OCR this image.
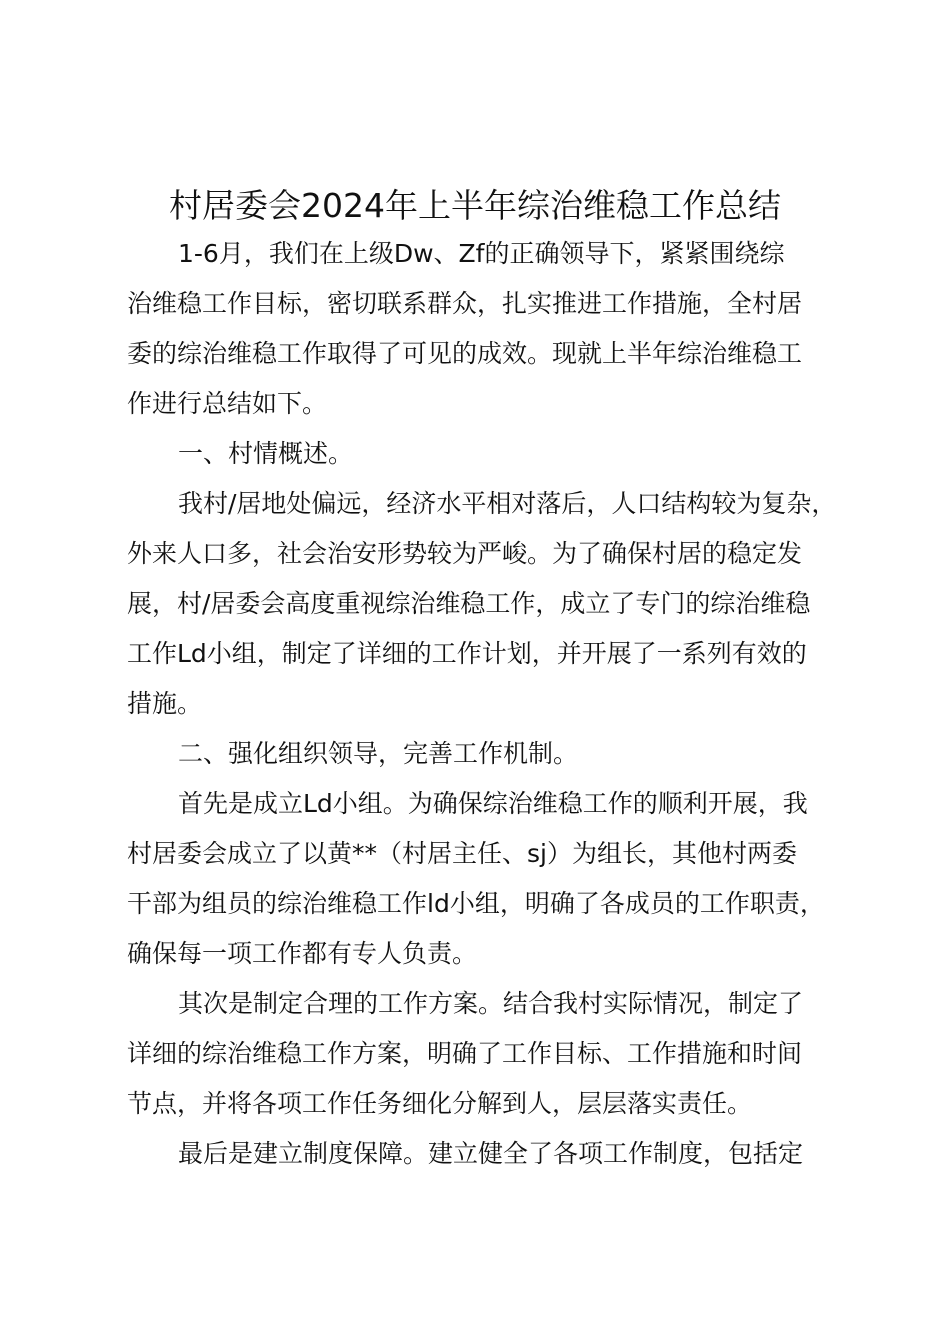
村居委会2024年上半年综治维稳工作总结
1-6月，我们在上级Dw、Zf的正确领导下，紧紧围绕综
治维稳工作目标，密切联系群众，扎实推进工作措施，全村居
委的综治维稳工作取得了可见的成效。现就上半年综治维稳工
作进行总结如下。
一、村情概述。
我村/居地处偏远，经济水平相对落后，人口结构较为复杂，
外来人口多，社会治安形势较为严峻。为了确保村居的稳定发
展，村/居委会高度重视综治维稳工作，成立了专门的综治维稳
工作Ld小组，制定了详细的工作计划，并开展了一系列有效的
措施。
二、强化组织领导，完善工作机制。
首先是成立Ld小组。为确保综治维稳工作的顺利开展，我
村居委会成立了以黄**（村居主任、sj）为组长，其他村两委
干部为组员的综治维稳工作ld小组，明确了各成员的工作职责，
确保每一项工作都有专人负责。
其次是制定合理的工作方案。结合我村实际情况，制定了
详细的综治维稳工作方案，明确了工作目标、工作措施和时间
节点，并将各项工作任务细化分解到人，层层落实责任。
最后是建立制度保障。建立健全了各项工作制度，包括定
